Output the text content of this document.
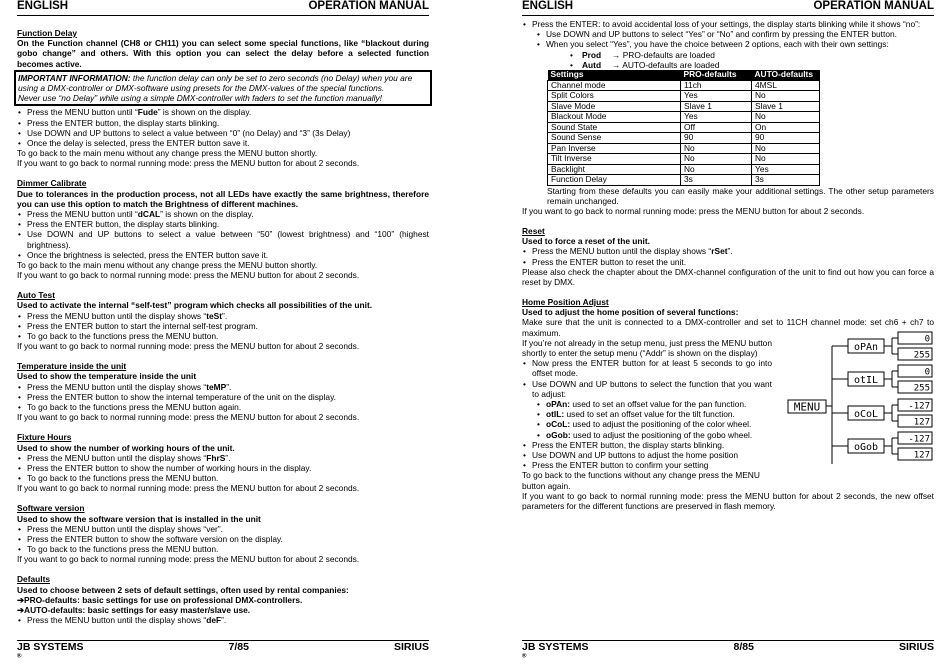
ENGLISH	OPERATION MANUAL
Function Delay
On the Function channel (CH8 or CH11) you can select some special functions, like “blackout during gobo change” and others. With this option you can select the delay before a selected function becomes active.
IMPORTANT INFORMATION: the function delay can only be set to zero seconds (no Delay) when you are using a DMX-controller or DMX-software using presets for the DMX-values of the special functions.
Never use “no Delay” while using a simple DMX-controller with faders to set the function manually!
• Press the MENU button until “Fude” is shown on the display.
• Press the ENTER button, the display starts blinking.
• Use DOWN and UP buttons to select a value between “0” (no Delay) and “3” (3s Delay)
• Once the delay is selected, press the ENTER button save it.
To go back to the main menu without any change press the MENU button shortly.
If you want to go back to normal running mode: press the MENU button for about 2 seconds.
Dimmer Calibrate
Due to tolerances in the production process, not all LEDs have exactly the same brightness, therefore you can use this option to match the Brightness of different machines.
• Press the MENU button until “dCAL” is shown on the display.
• Press the ENTER button, the display starts blinking.
• Use DOWN and UP buttons to select a value between “50” (lowest brightness) and “100” (highest brightness).
• Once the brightness is selected, press the ENTER button save it.
To go back to the main menu without any change press the MENU button shortly.
If you want to go back to normal running mode: press the MENU button for about 2 seconds.
Auto Test
Used to activate the internal “self-test” program which checks all possibilities of the unit.
• Press the MENU button until the display shows “teSt”.
• Press the ENTER button to start the internal self-test program.
• To go back to the functions press the MENU button.
If you want to go back to normal running mode: press the MENU button for about 2 seconds.
Temperature inside the unit
Used to show the temperature inside the unit
• Press the MENU button until the display shows “teMP”.
• Press the ENTER button to show the internal temperature of the unit on the display.
• To go back to the functions press the MENU button again.
If you want to go back to normal running mode: press the MENU button for about 2 seconds.
Fixture Hours
Used to show the number of working hours of the unit.
• Press the MENU button until the display shows “FhrS”.
• Press the ENTER button to show the number of working hours in the display.
• To go back to the functions press the MENU button.
If you want to go back to normal running mode: press the MENU button for about 2 seconds.
Software version
Used to show the software version that is installed in the unit
• Press the MENU button until the display shows “ver”.
• Press the ENTER button to show the software version on the display.
• To go back to the functions press the MENU button.
If you want to go back to normal running mode: press the MENU button for about 2 seconds.
Defaults
Used to choose between 2 sets of default settings, often used by rental companies:
➔ PRO-defaults: basic settings for use on professional DMX-controllers.
➔ AUTO-defaults: basic settings for easy master/slave use.
• Press the MENU button until the display shows “deF”.
JB SYSTEMS
®
7/85	SIRIUS
ENGLISH	OPERATION MANUAL
• Press the ENTER: to avoid accidental loss of your settings, the display starts blinking while it shows “no”:
• Use DOWN and UP buttons to select “Yes” or “No” and confirm by pressing the ENTER button.
• When you select “Yes”, you have the choice between 2 options, each with their own settings:
• Prod → PRO-defaults are loaded
• Autd → AUTO-defaults are loaded
Settings	PRO-defaults	AUTO-defaults
Channel mode	11ch	4MSL
Split Colors	Yes	No
Slave Mode	Slave 1	Slave 1
Blackout Mode	Yes	No
Sound State	Off	On
Sound Sense	90	90
Pan Inverse	No	No
Tilt Inverse	No	No
Backlight	No	Yes
Function Delay	3s	3s
Starting from these defaults you can easily make your additional settings. The other setup parameters remain unchanged.
If you want to go back to normal running mode: press the MENU button for about 2 seconds.
Reset
Used to force a reset of the unit.
• Press the MENU button until the display shows “rSet”.
• Press the ENTER button to reset the unit.
Please also check the chapter about the DMX-channel configuration of the unit to find out how you can force a reset by DMX.
Home Position Adjust
Used to adjust the home position of several functions:
Make sure that the unit is connected to a DMX-controller and set to 11CH channel mode: set ch6 + ch7 to maximum.
If you’re not already in the setup menu, just press the MENU button shortly to enter the setup menu (“Addr” is shown on the display)
• Now press the ENTER button for at least 5 seconds to go into offset mode.
• Use DOWN and UP buttons to select the function that you want to adjust:
• oPAn: used to set an offset value for the pan function.
• otIL: used to set an offset value for the tilt function.
• oCoL: used to adjust the positioning of the color wheel.
• oGob: used to adjust the positioning of the gobo wheel.
• Press the ENTER button, the display starts blinking.
• Use DOWN and UP buttons to adjust the home position
• Press the ENTER button to confirm your setting
To go back to the functions without any change press the MENU button again.
If you want to go back to normal running mode: press the MENU button for about 2 seconds, the new offset parameters for the different functions are preserved in flash memory.
MENU
oPAn
0
255
otIL
0
255
oCoL
-127
127
oGob
-127
127
JB SYSTEMS
®
8/85	SIRIUS
